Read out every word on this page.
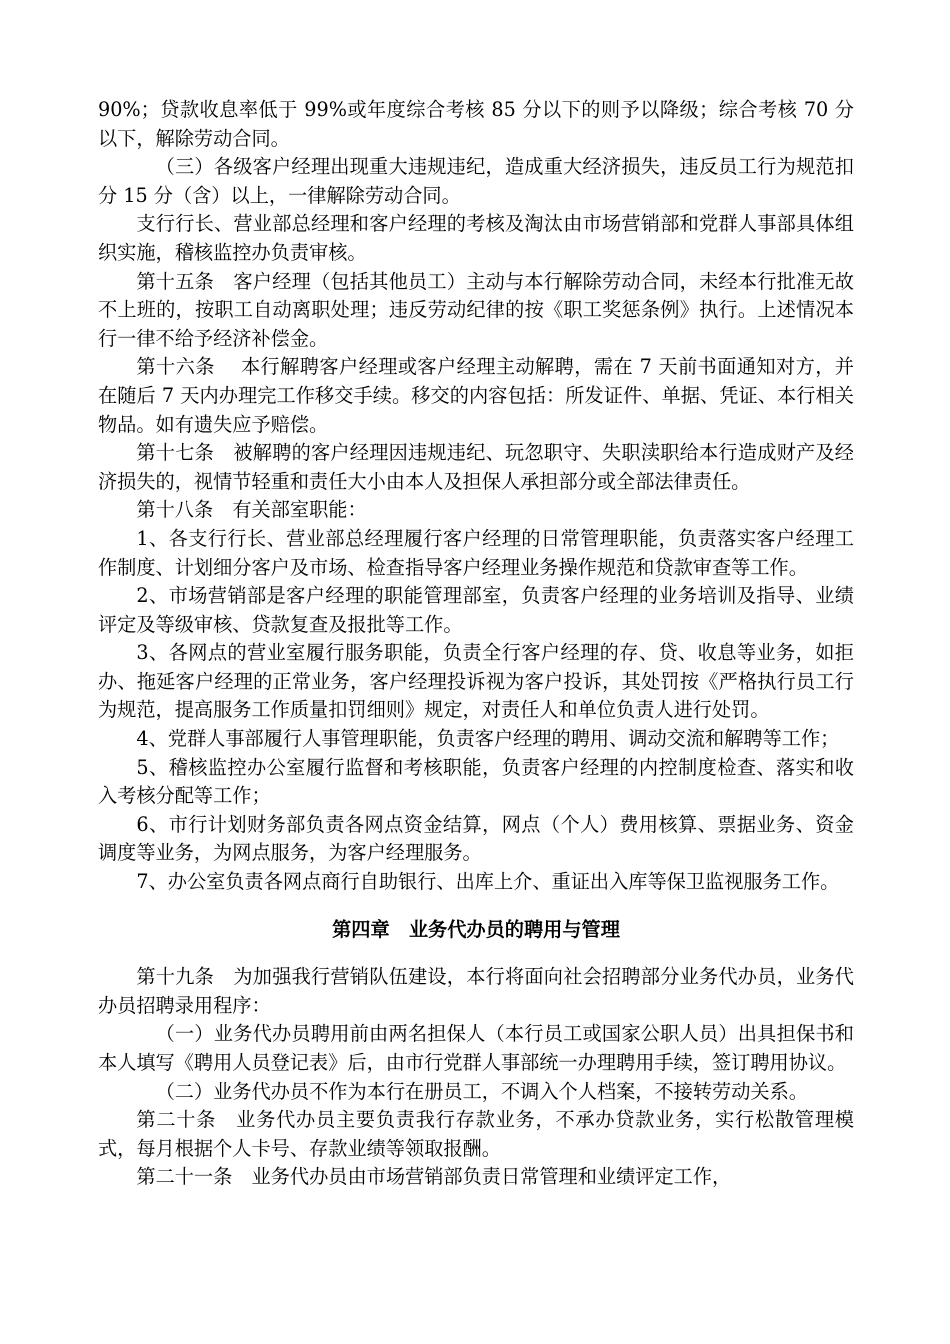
90%；贷款收息率低于 99%或年度综合考核 85 分以下的则予以降级；综合考核 70 分以下，解除劳动合同。

（三）各级客户经理出现重大违规违纪，造成重大经济损失，违反员工行为规范扣分 15 分（含）以上，一律解除劳动合同。

支行行长、营业部总经理和客户经理的考核及淘汰由市场营销部和党群人事部具体组织实施，稽核监控办负责审核。

第十五条　客户经理（包括其他员工）主动与本行解除劳动合同，未经本行批准无故不上班的，按职工自动离职处理；违反劳动纪律的按《职工奖惩条例》执行。上述情况本行一律不给予经济补偿金。

第十六条　 本行解聘客户经理或客户经理主动解聘，需在 7 天前书面通知对方，并在随后 7 天内办理完工作移交手续。移交的内容包括：所发证件、单据、凭证、本行相关物品。如有遗失应予赔偿。

第十七条　被解聘的客户经理因违规违纪、玩忽职守、失职渎职给本行造成财产及经济损失的，视情节轻重和责任大小由本人及担保人承担部分或全部法律责任。

第十八条　有关部室职能：

1、各支行行长、营业部总经理履行客户经理的日常管理职能，负责落实客户经理工作制度、计划细分客户及市场、检查指导客户经理业务操作规范和贷款审查等工作。

2、市场营销部是客户经理的职能管理部室，负责客户经理的业务培训及指导、业绩评定及等级审核、贷款复查及报批等工作。

3、各网点的营业室履行服务职能，负责全行客户经理的存、贷、收息等业务，如拒办、拖延客户经理的正常业务，客户经理投诉视为客户投诉，其处罚按《严格执行员工行为规范，提高服务工作质量扣罚细则》规定，对责任人和单位负责人进行处罚。

4、党群人事部履行人事管理职能，负责客户经理的聘用、调动交流和解聘等工作；

5、稽核监控办公室履行监督和考核职能，负责客户经理的内控制度检查、落实和收入考核分配等工作；

6、市行计划财务部负责各网点资金结算，网点（个人）费用核算、票据业务、资金调度等业务，为网点服务，为客户经理服务。

7、办公室负责各网点商行自助银行、出库上介、重证出入库等保卫监视服务工作。

第四章　业务代办员的聘用与管理

第十九条　为加强我行营销队伍建设，本行将面向社会招聘部分业务代办员，业务代办员招聘录用程序：

（一）业务代办员聘用前由两名担保人（本行员工或国家公职人员）出具担保书和本人填写《聘用人员登记表》后，由市行党群人事部统一办理聘用手续，签订聘用协议。

（二）业务代办员不作为本行在册员工，不调入个人档案，不接转劳动关系。

第二十条　业务代办员主要负责我行存款业务，不承办贷款业务，实行松散管理模式，每月根据个人卡号、存款业绩等领取报酬。

第二十一条　业务代办员由市场营销部负责日常管理和业绩评定工作，
